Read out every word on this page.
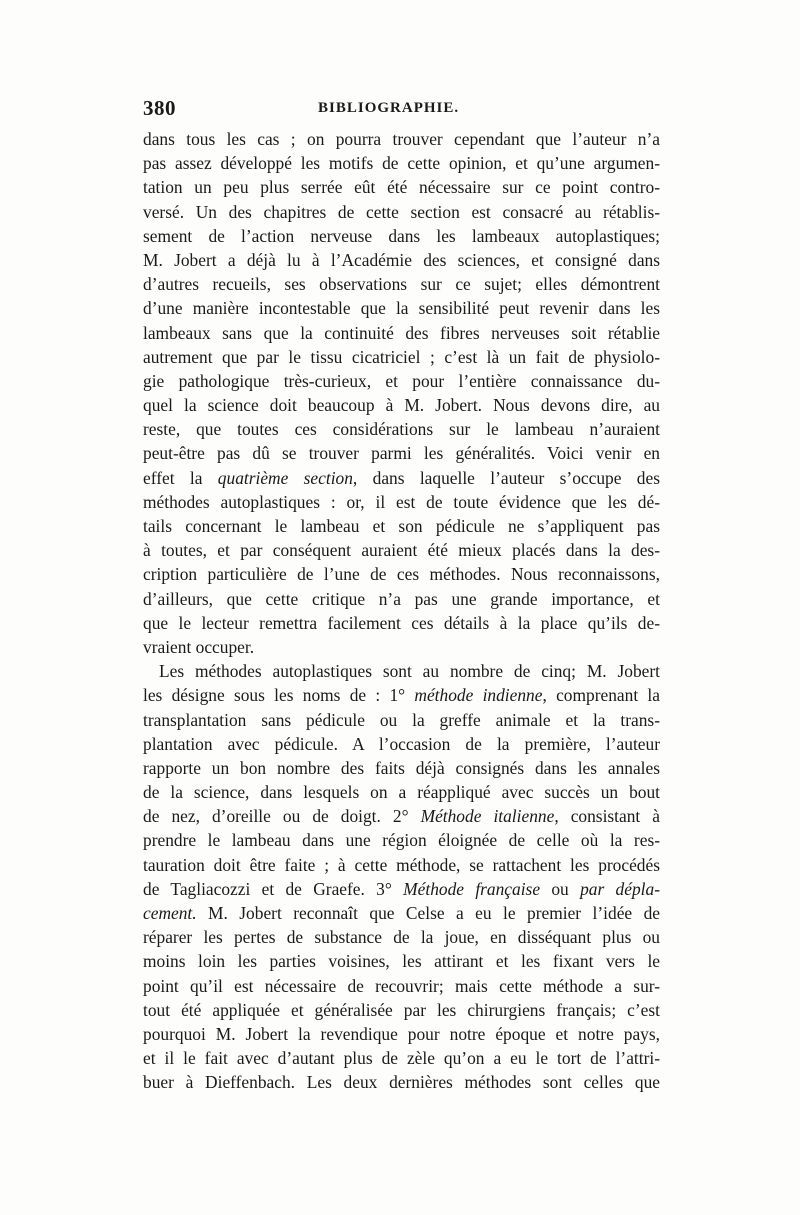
380	BIBLIOGRAPHIE.
dans tous les cas ; on pourra trouver cependant que l’auteur n’a
pas assez développé les motifs de cette opinion, et qu’une argumen-
tation un peu plus serrée eût été nécessaire sur ce point contro-
versé. Un des chapitres de cette section est consacré au rétablis-
sement de l’action nerveuse dans les lambeaux autoplastiques;
M. Jobert a déjà lu à l’Académie des sciences, et consigné dans
d’autres recueils, ses observations sur ce sujet; elles démontrent
d’une manière incontestable que la sensibilité peut revenir dans les
lambeaux sans que la continuité des fibres nerveuses soit rétablie
autrement que par le tissu cicatriciel ; c’est là un fait de physiolo-
gie pathologique très-curieux, et pour l’entière connaissance du-
quel la science doit beaucoup à M. Jobert. Nous devons dire, au
reste, que toutes ces considérations sur le lambeau n’auraient
peut-être pas dû se trouver parmi les généralités. Voici venir en
effet la quatrième section, dans laquelle l’auteur s’occupe des
méthodes autoplastiques : or, il est de toute évidence que les dé-
tails concernant le lambeau et son pédicule ne s’appliquent pas
à toutes, et par conséquent auraient été mieux placés dans la des-
cription particulière de l’une de ces méthodes. Nous reconnaissons,
d’ailleurs, que cette critique n’a pas une grande importance, et
que le lecteur remettra facilement ces détails à la place qu’ils de-
vraient occuper.
Les méthodes autoplastiques sont au nombre de cinq; M. Jobert
les désigne sous les noms de : 1° méthode indienne, comprenant la
transplantation sans pédicule ou la greffe animale et la trans-
plantation avec pédicule. A l’occasion de la première, l’auteur
rapporte un bon nombre des faits déjà consignés dans les annales
de la science, dans lesquels on a réappliqué avec succès un bout
de nez, d’oreille ou de doigt. 2° Méthode italienne, consistant à
prendre le lambeau dans une région éloignée de celle où la res-
tauration doit être faite ; à cette méthode, se rattachent les procédés
de Tagliacozzi et de Graefe. 3° Méthode française ou par dépla-
cement. M. Jobert reconnaît que Celse a eu le premier l’idée de
réparer les pertes de substance de la joue, en disséquant plus ou
moins loin les parties voisines, les attirant et les fixant vers le
point qu’il est nécessaire de recouvrir; mais cette méthode a sur-
tout été appliquée et généralisée par les chirurgiens français; c’est
pourquoi M. Jobert la revendique pour notre époque et notre pays,
et il le fait avec d’autant plus de zèle qu’on a eu le tort de l’attri-
buer à Dieffenbach. Les deux dernières méthodes sont celles que
